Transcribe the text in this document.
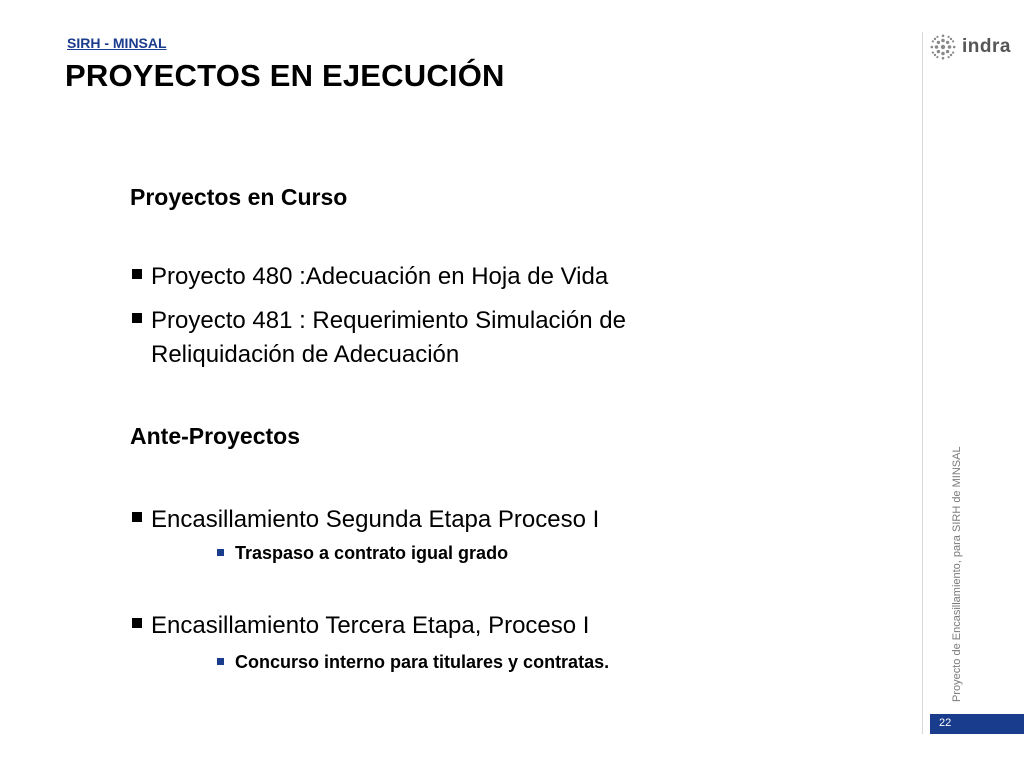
SIRH - MINSAL
PROYECTOS EN EJECUCIÓN
indra
Proyecto de Encasillamiento, para SIRH de MINSAL
22
Proyectos en Curso
Proyecto 480 :Adecuación en Hoja de Vida
Proyecto 481 : Requerimiento Simulación de Reliquidación de Adecuación
Ante-Proyectos
Encasillamiento Segunda Etapa Proceso I
Traspaso a contrato igual grado
Encasillamiento Tercera Etapa, Proceso I
Concurso interno para titulares y contratas.
